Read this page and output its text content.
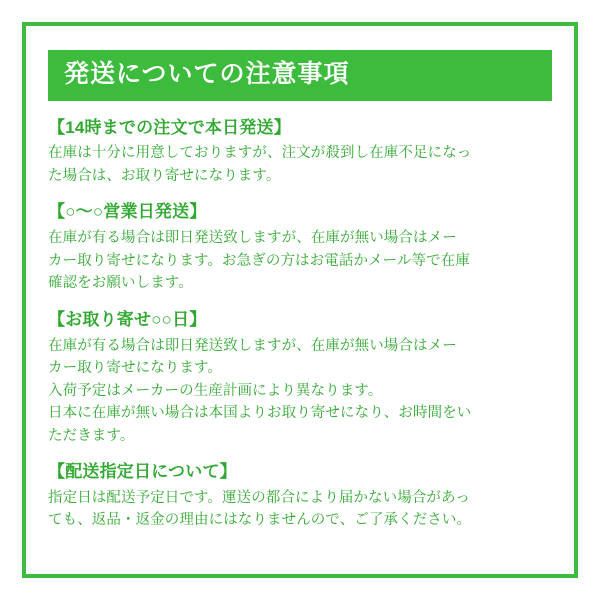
発送についての注意事項
【14時までの注文で本日発送】

在庫は十分に用意しておりますが、注文が殺到し在庫不足になっ

た場合は、お取り寄せになります。

【○〜○営業日発送】

在庫が有る場合は即日発送致しますが、在庫が無い場合はメー

カー取り寄せになります。お急ぎの方はお電話かメール等で在庫

確認をお願いします。

【お取り寄せ○○日】

在庫が有る場合は即日発送致しますが、在庫が無い場合はメー

カー取り寄せになります。

入荷予定はメーカーの生産計画により異なります。

日本に在庫が無い場合は本国よりお取り寄せになり、お時間をい

ただきます。

【配送指定日について】

指定日は配送予定日です。運送の都合により届かない場合があっ

ても、返品・返金の理由にはなりませんので、ご了承ください。
